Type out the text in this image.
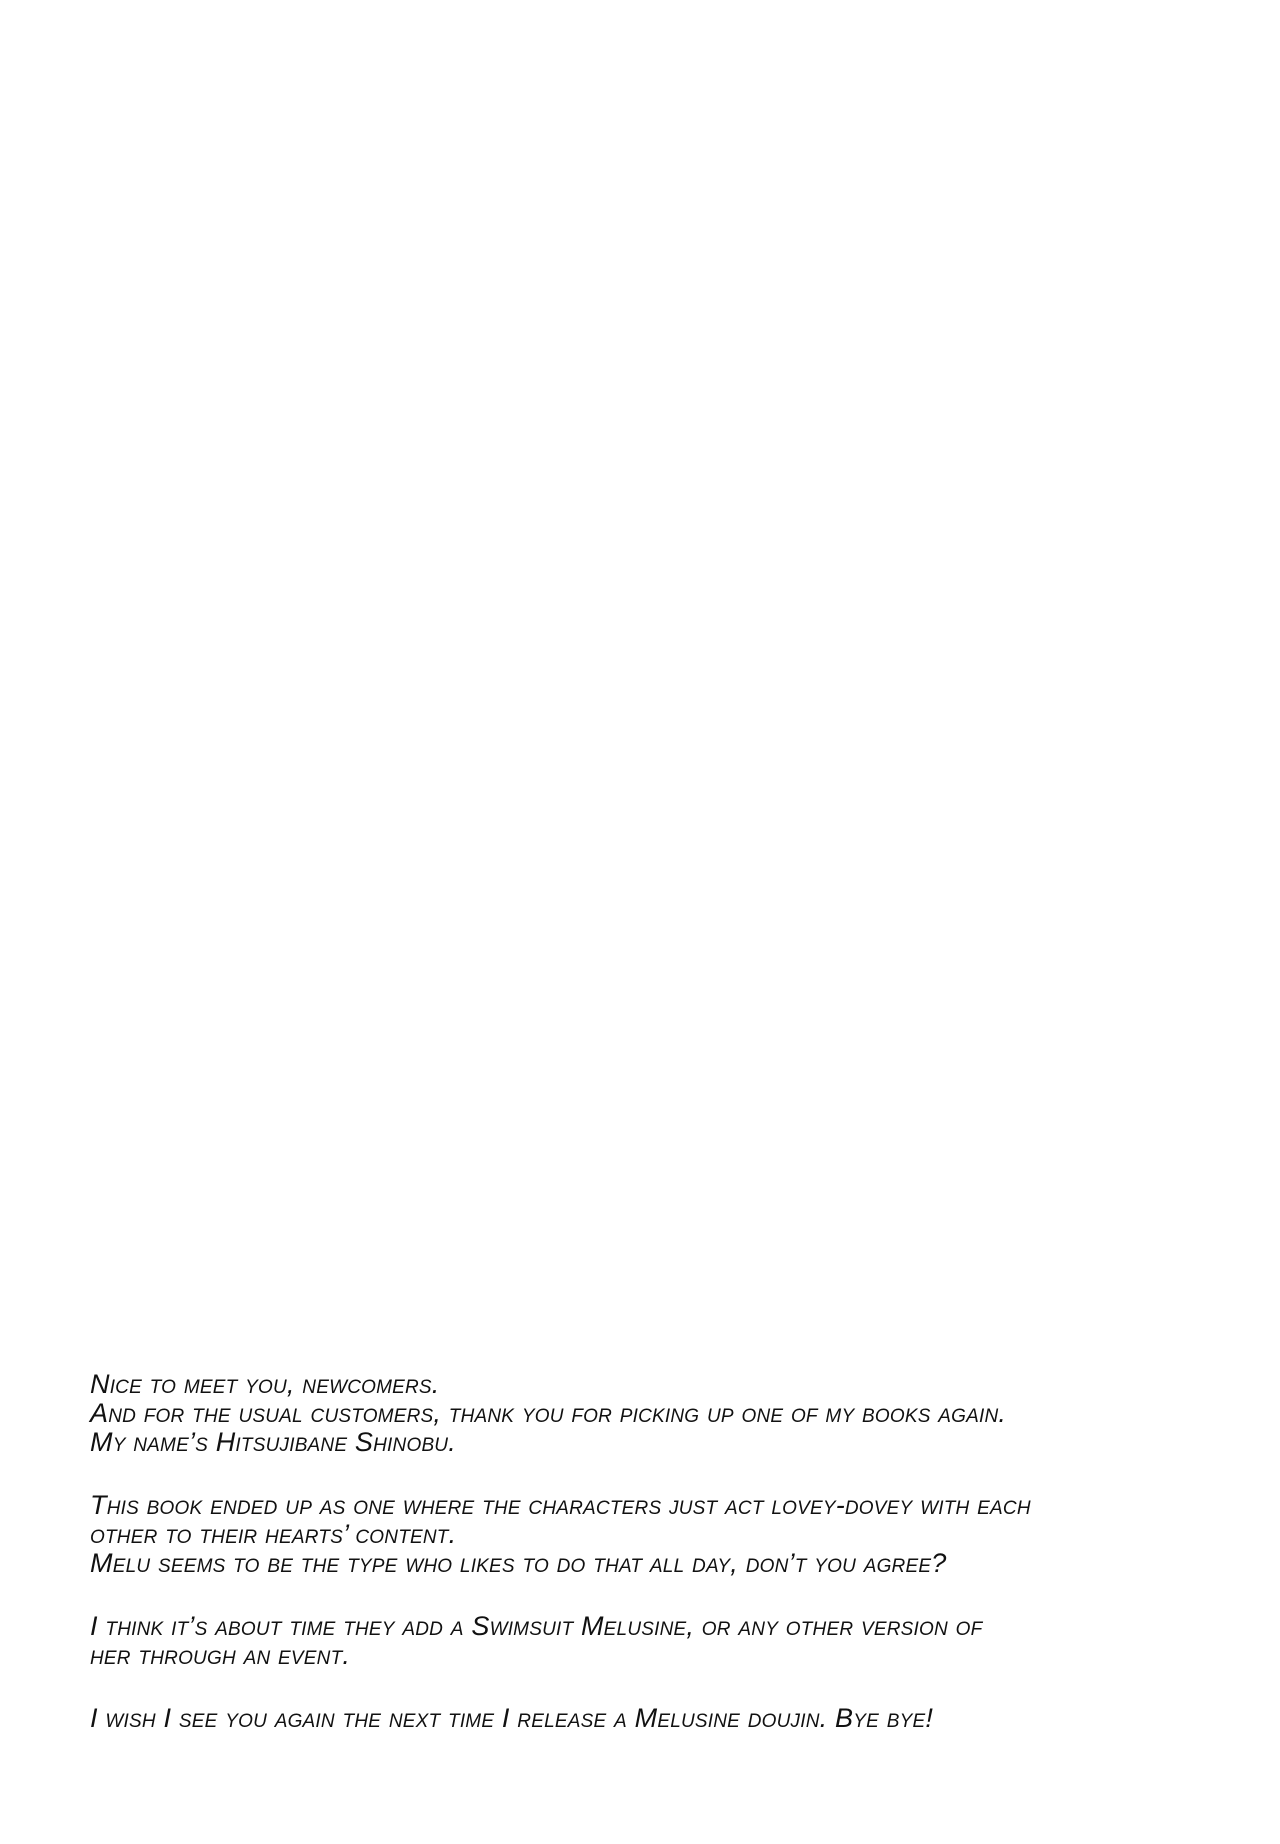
Nice to meet you, newcomers.
And for the usual customers, thank you for picking up one of my books again.
My name’s Hitsujibane Shinobu.

This book ended up as one where the characters just act lovey-dovey with each
other to their hearts’ content.
Melu seems to be the type who likes to do that all day, don’t you agree?

I think it’s about time they add a Swimsuit Melusine, or any other version of
her through an event.

I wish I see you again the next time I release a Melusine doujin. Bye bye!
